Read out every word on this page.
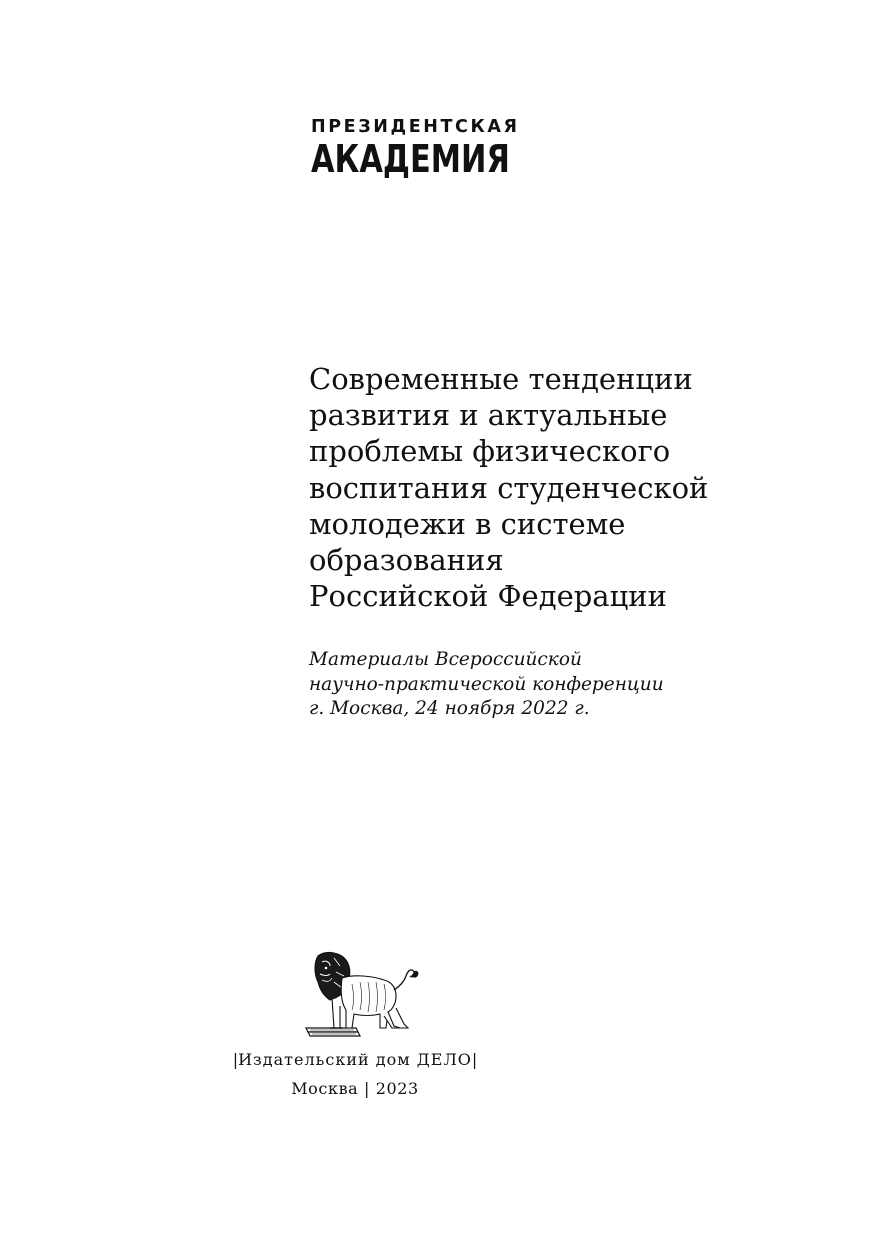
ПРЕЗИДЕНТСКАЯ
АКАДЕМИЯ
Современные тенденции
развития и актуальные
проблемы физического
воспитания студенческой
молодежи в системе
образования
Российской Федерации
Материалы Всероссийской
научно-практической конференции
г. Москва, 24 ноября 2022 г.
|Издательский дом ДЕЛО|
Москва | 2023
